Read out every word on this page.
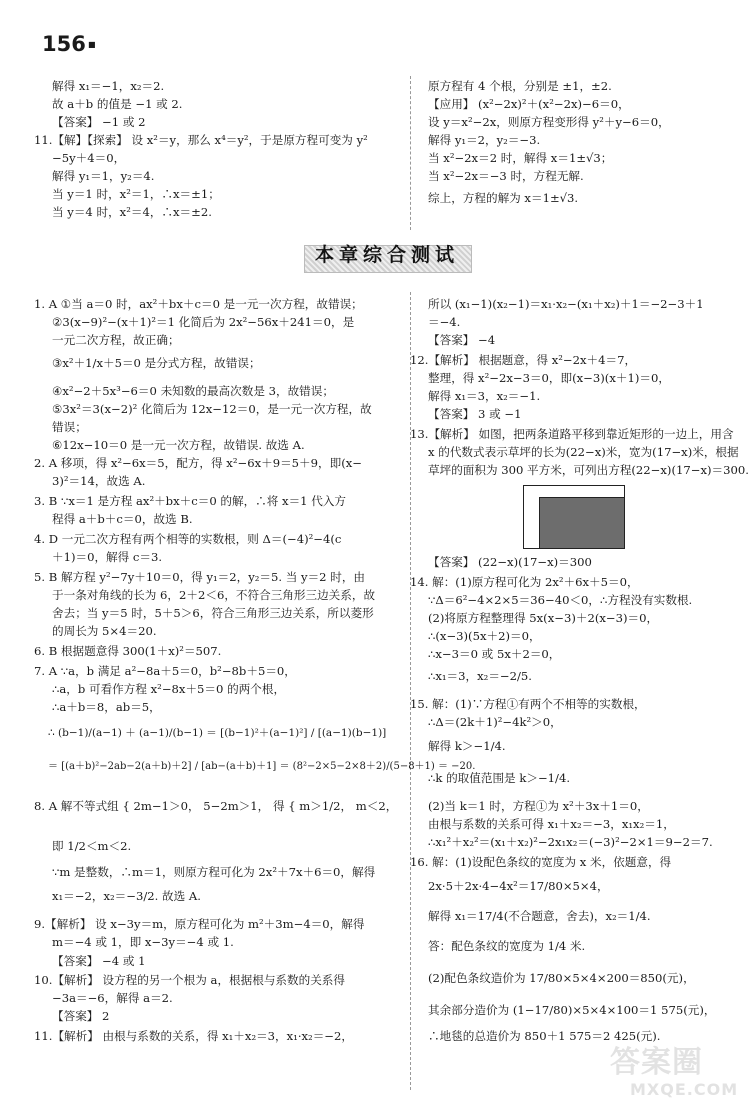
156 ■
解得 x₁＝−1，x₂＝2.
故 a＋b 的值是 −1 或 2.
【答案】 −1 或 2
11.【解】【探索】 设 x²＝y，那么 x⁴＝y²，于是原方程可变为 y²
−5y＋4＝0，
解得 y₁＝1，y₂＝4.
当 y＝1 时，x²＝1，∴x＝±1；
当 y＝4 时，x²＝4，∴x＝±2.
原方程有 4 个根，分别是 ±1，±2.
【应用】 (x²−2x)²＋(x²−2x)−6＝0，
设 y＝x²−2x，则原方程变形得 y²＋y−6＝0，
解得 y₁＝2，y₂＝−3.
当 x²−2x＝2 时，解得 x＝1±√3；
当 x²−2x＝−3 时，方程无解.
综上，方程的解为 x＝1±√3.
本章综合测试
1. A ①当 a＝0 时，ax²＋bx＋c＝0 是一元一次方程，故错误；
②3(x−9)²−(x＋1)²＝1 化简后为 2x²−56x＋241＝0，是
一元二次方程，故正确；
③x²＋1/x＋5＝0 是分式方程，故错误；
④x²−2＋5x³−6＝0 未知数的最高次数是 3，故错误；
⑤3x²＝3(x−2)² 化简后为 12x−12＝0，是一元一次方程，故
错误；
⑥12x−10＝0 是一元一次方程，故错误. 故选 A.
2. A 移项，得 x²−6x＝5，配方，得 x²−6x＋9＝5＋9，即(x−
3)²＝14，故选 A.
3. B ∵x＝1 是方程 ax²＋bx＋c＝0 的解，∴将 x＝1 代入方
程得 a＋b＋c＝0，故选 B.
4. D 一元二次方程有两个相等的实数根，则 Δ＝(−4)²−4(c
＋1)＝0，解得 c＝3.
5. B 解方程 y²−7y＋10＝0，得 y₁＝2，y₂＝5. 当 y＝2 时，由
于一条对角线的长为 6，2＋2＜6，不符合三角形三边关系，故
舍去；当 y＝5 时，5＋5＞6，符合三角形三边关系，所以菱形
的周长为 5×4＝20.
6. B 根据题意得 300(1＋x)²＝507.
7. A ∵a，b 满足 a²−8a＋5＝0，b²−8b＋5＝0，
∴a，b 可看作方程 x²−8x＋5＝0 的两个根，
∴a＋b＝8，ab＝5，
∴ (b−1)/(a−1) ＋ (a−1)/(b−1) ＝ [(b−1)²＋(a−1)²] / [(a−1)(b−1)]
＝ [(a＋b)²−2ab−2(a＋b)＋2] / [ab−(a＋b)＋1] ＝ (8²−2×5−2×8＋2)/(5−8＋1) ＝ −20.
8. A 解不等式组 { 2m−1＞0， 5−2m＞1， 得 { m＞1/2， m＜2，
即 1/2＜m＜2.
∵m 是整数，∴m＝1，则原方程可化为 2x²＋7x＋6＝0，解得
x₁＝−2，x₂＝−3/2. 故选 A.
9.【解析】 设 x−3y＝m，原方程可化为 m²＋3m−4＝0，解得
m＝−4 或 1，即 x−3y＝−4 或 1.
【答案】 −4 或 1
10.【解析】 设方程的另一个根为 a，根据根与系数的关系得
−3a＝−6，解得 a＝2.
【答案】 2
11.【解析】 由根与系数的关系，得 x₁＋x₂＝3，x₁·x₂＝−2，
所以 (x₁−1)(x₂−1)＝x₁·x₂−(x₁＋x₂)＋1＝−2−3＋1
＝−4.
【答案】 −4
12.【解析】 根据题意，得 x²−2x＋4＝7，
整理，得 x²−2x−3＝0，即(x−3)(x＋1)＝0，
解得 x₁＝3，x₂＝−1.
【答案】 3 或 −1
13.【解析】 如图，把两条道路平移到靠近矩形的一边上，用含
x 的代数式表示草坪的长为(22−x)米，宽为(17−x)米，根据
草坪的面积为 300 平方米，可列出方程(22−x)(17−x)＝300.
【答案】 (22−x)(17−x)＝300
14. 解：(1)原方程可化为 2x²＋6x＋5＝0，
∵Δ＝6²−4×2×5＝36−40＜0，∴方程没有实数根.
(2)将原方程整理得 5x(x−3)＋2(x−3)＝0，
∴(x−3)(5x＋2)＝0，
∴x−3＝0 或 5x＋2＝0，
∴x₁＝3，x₂＝−2/5.
15. 解：(1)∵方程①有两个不相等的实数根，
∴Δ＝(2k＋1)²−4k²＞0，
解得 k＞−1/4.
∴k 的取值范围是 k＞−1/4.
(2)当 k＝1 时，方程①为 x²＋3x＋1＝0，
由根与系数的关系可得 x₁＋x₂＝−3，x₁x₂＝1，
∴x₁²＋x₂²＝(x₁＋x₂)²−2x₁x₂＝(−3)²−2×1＝9−2＝7.
16. 解：(1)设配色条纹的宽度为 x 米，依题意，得
2x·5＋2x·4−4x²＝17/80×5×4，
解得 x₁＝17/4(不合题意，舍去)，x₂＝1/4.
答：配色条纹的宽度为 1/4 米.
(2)配色条纹造价为 17/80×5×4×200＝850(元)，
其余部分造价为 (1−17/80)×5×4×100＝1 575(元)，
∴地毯的总造价为 850＋1 575＝2 425(元).
答案圈
MXQE.COM
